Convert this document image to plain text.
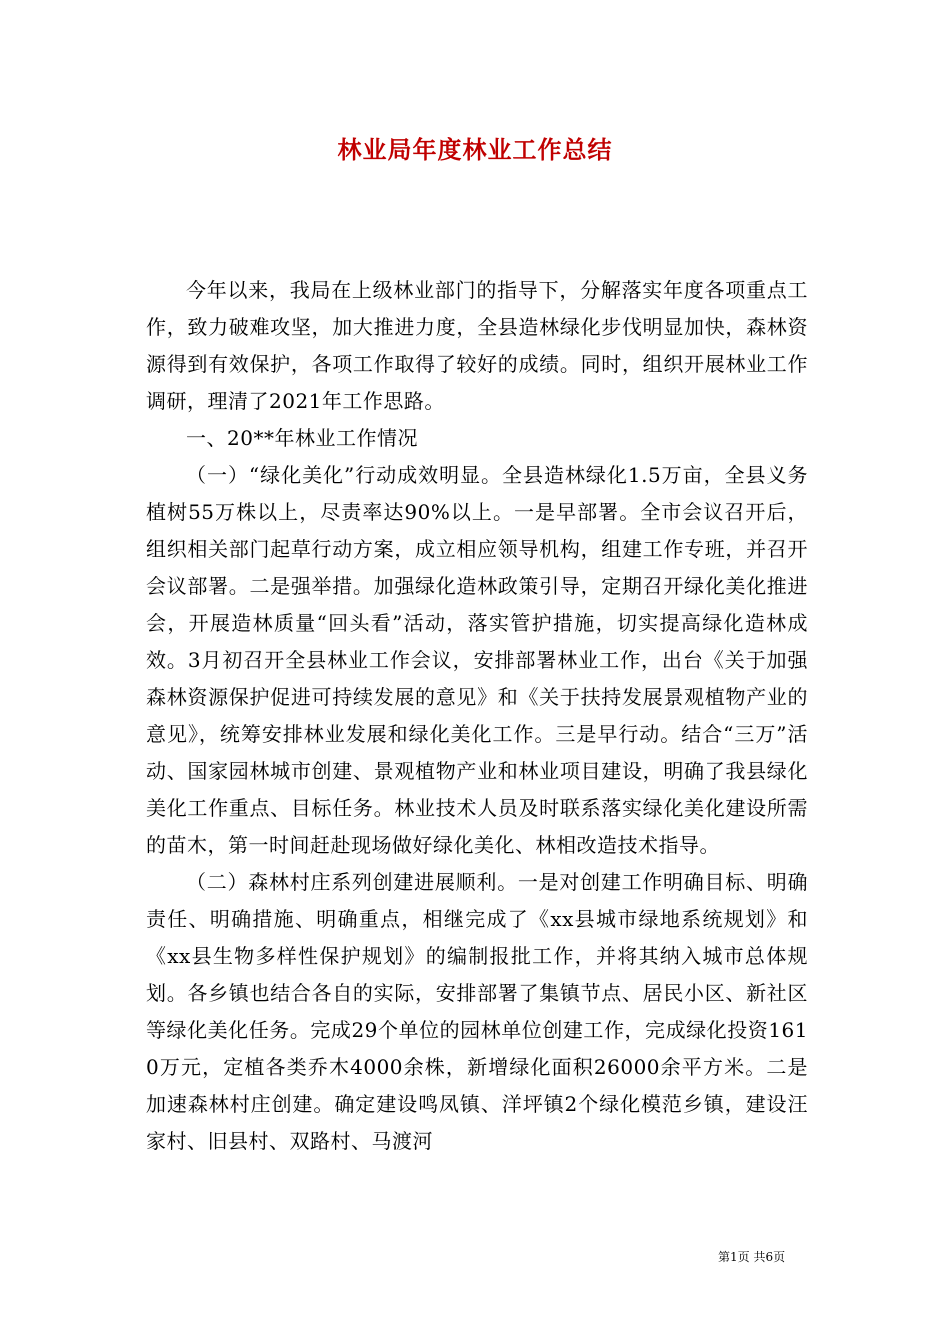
林业局年度林业工作总结

今年以来，我局在上级林业部门的指导下，分解落实年度各项重点工作，致力破难攻坚，加大推进力度，全县造林绿化步伐明显加快，森林资源得到有效保护，各项工作取得了较好的成绩。同时，组织开展林业工作调研，理清了2021年工作思路。

一、20**年林业工作情况

（一）“绿化美化”行动成效明显。全县造林绿化1.5万亩，全县义务植树55万株以上，尽责率达90%以上。一是早部署。全市会议召开后，组织相关部门起草行动方案，成立相应领导机构，组建工作专班，并召开会议部署。二是强举措。加强绿化造林政策引导，定期召开绿化美化推进会，开展造林质量“回头看”活动，落实管护措施，切实提高绿化造林成效。3月初召开全县林业工作会议，安排部署林业工作，出台《关于加强森林资源保护促进可持续发展的意见》和《关于扶持发展景观植物产业的意见》，统筹安排林业发展和绿化美化工作。三是早行动。结合“三万”活动、国家园林城市创建、景观植物产业和林业项目建设，明确了我县绿化美化工作重点、目标任务。林业技术人员及时联系落实绿化美化建设所需的苗木，第一时间赶赴现场做好绿化美化、林相改造技术指导。

（二）森林村庄系列创建进展顺利。一是对创建工作明确目标、明确责任、明确措施、明确重点，相继完成了《xx县城市绿地系统规划》和《xx县生物多样性保护规划》的编制报批工作，并将其纳入城市总体规划。各乡镇也结合各自的实际，安排部署了集镇节点、居民小区、新社区等绿化美化任务。完成29个单位的园林单位创建工作，完成绿化投资1610万元，定植各类乔木4000余株，新增绿化面积26000余平方米。二是加速森林村庄创建。确定建设鸣凤镇、洋坪镇2个绿化模范乡镇，建设汪家村、旧县村、双路村、马渡河

第1页 共6页
